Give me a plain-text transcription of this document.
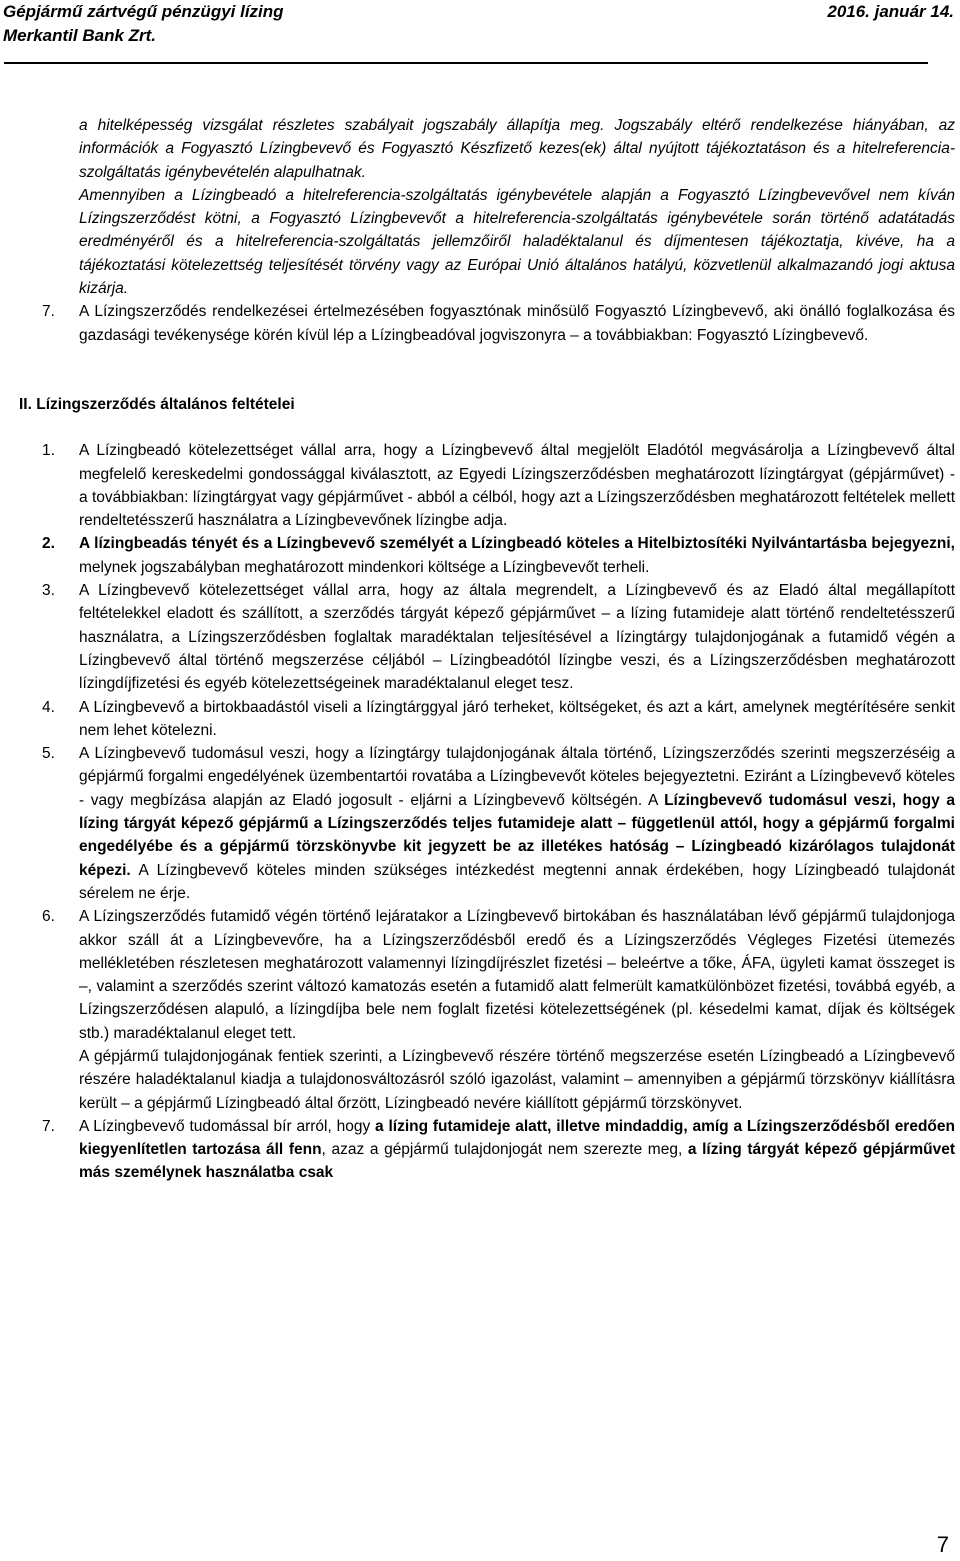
Gépjármű zártvégű pénzügyi lízing
Merkantil Bank Zrt.
2016. január 14.

a hitelképesség vizsgálat részletes szabályait jogszabály állapítja meg. Jogszabály eltérő rendelkezése hiányában, az információk a Fogyasztó Lízingbevevő és Fogyasztó Készfizető kezes(ek) által nyújtott tájékoztatáson és a hitelreferencia-szolgáltatás igénybevételén alapulhatnak.

Amennyiben a Lízingbeadó a hitelreferencia-szolgáltatás igénybevétele alapján a Fogyasztó Lízingbevevővel nem kíván Lízingszerződést kötni, a Fogyasztó Lízingbevevőt a hitelreferencia-szolgáltatás igénybevétele során történő adatátadás eredményéről és a hitelreferencia-szolgáltatás jellemzőiről haladéktalanul és díjmentesen tájékoztatja, kivéve, ha a tájékoztatási kötelezettség teljesítését törvény vagy az Európai Unió általános hatályú, közvetlenül alkalmazandó jogi aktusa kizárja.

7. A Lízingszerződés rendelkezései értelmezésében fogyasztónak minősülő Fogyasztó Lízingbevevő, aki önálló foglalkozása és gazdasági tevékenysége körén kívül lép a Lízingbeadóval jogviszonyra – a továbbiakban: Fogyasztó Lízingbevevő.

II. Lízingszerződés általános feltételei

1. A Lízingbeadó kötelezettséget vállal arra, hogy a Lízingbevevő által megjelölt Eladótól megvásárolja a Lízingbevevő által megfelelő kereskedelmi gondossággal kiválasztott, az Egyedi Lízingszerződésben meghatározott lízingtárgyat (gépjárművet) - a továbbiakban: lízingtárgyat vagy gépjárművet - abból a célból, hogy azt a Lízingszerződésben meghatározott feltételek mellett rendeltetésszerű használatra a Lízingbevevőnek lízingbe adja.

2. A lízingbeadás tényét és a Lízingbevevő személyét a Lízingbeadó köteles a Hitelbiztosítéki Nyilvántartásba bejegyezni, melynek jogszabályban meghatározott mindenkori költsége a Lízingbevevőt terheli.

3. A Lízingbevevő kötelezettséget vállal arra, hogy az általa megrendelt, a Lízingbevevő és az Eladó által megállapított feltételekkel eladott és szállított, a szerződés tárgyát képező gépjárművet – a lízing futamideje alatt történő rendeltetésszerű használatra, a Lízingszerződésben foglaltak maradéktalan teljesítésével a lízingtárgy tulajdonjogának a futamidő végén a Lízingbevevő által történő megszerzése céljából – Lízingbeadótól lízingbe veszi, és a Lízingszerződésben meghatározott lízingdíjfizetési és egyéb kötelezettségeinek maradéktalanul eleget tesz.

4. A Lízingbevevő a birtokbaadástól viseli a lízingtárggyal járó terheket, költségeket, és azt a kárt, amelynek megtérítésére senkit nem lehet kötelezni.

5. A Lízingbevevő tudomásul veszi, hogy a lízingtárgy tulajdonjogának általa történő, Lízingszerződés szerinti megszerzéséig a gépjármű forgalmi engedélyének üzembentartói rovatába a Lízingbevevőt köteles bejegyeztetni. Eziránt a Lízingbevevő köteles - vagy megbízása alapján az Eladó jogosult - eljárni a Lízingbevevő költségén. A Lízingbevevő tudomásul veszi, hogy a lízing tárgyát képező gépjármű a Lízingszerződés teljes futamideje alatt – függetlenül attól, hogy a gépjármű forgalmi engedélyébe és a gépjármű törzskönyvbe kit jegyzett be az illetékes hatóság – Lízingbeadó kizárólagos tulajdonát képezi. A Lízingbevevő köteles minden szükséges intézkedést megtenni annak érdekében, hogy Lízingbeadó tulajdonát sérelem ne érje.

6. A Lízingszerződés futamidő végén történő lejáratakor a Lízingbevevő birtokában és használatában lévő gépjármű tulajdonjoga akkor száll át a Lízingbevevőre, ha a Lízingszerződésből eredő és a Lízingszerződés Végleges Fizetési ütemezés mellékletében részletesen meghatározott valamennyi lízingdíjrészlet fizetési – beleértve a tőke, ÁFA, ügyleti kamat összeget is –, valamint a szerződés szerint változó kamatozás esetén a futamidő alatt felmerült kamatkülönbözet fizetési, továbbá egyéb, a Lízingszerződésen alapuló, a lízingdíjba bele nem foglalt fizetési kötelezettségének (pl. késedelmi kamat, díjak és költségek stb.) maradéktalanul eleget tett.

A gépjármű tulajdonjogának fentiek szerinti, a Lízingbevevő részére történő megszerzése esetén Lízingbeadó a Lízingbevevő részére haladéktalanul kiadja a tulajdonosváltozásról szóló igazolást, valamint – amennyiben a gépjármű törzskönyv kiállításra került – a gépjármű Lízingbeadó által őrzött, Lízingbeadó nevére kiállított gépjármű törzskönyvet.

7. A Lízingbevevő tudomással bír arról, hogy a lízing futamideje alatt, illetve mindaddig, amíg a Lízingszerződésből eredően kiegyenlítetlen tartozása áll fenn, azaz a gépjármű tulajdonjogát nem szerezte meg, a lízing tárgyát képező gépjárművet más személynek használatba csak

7
